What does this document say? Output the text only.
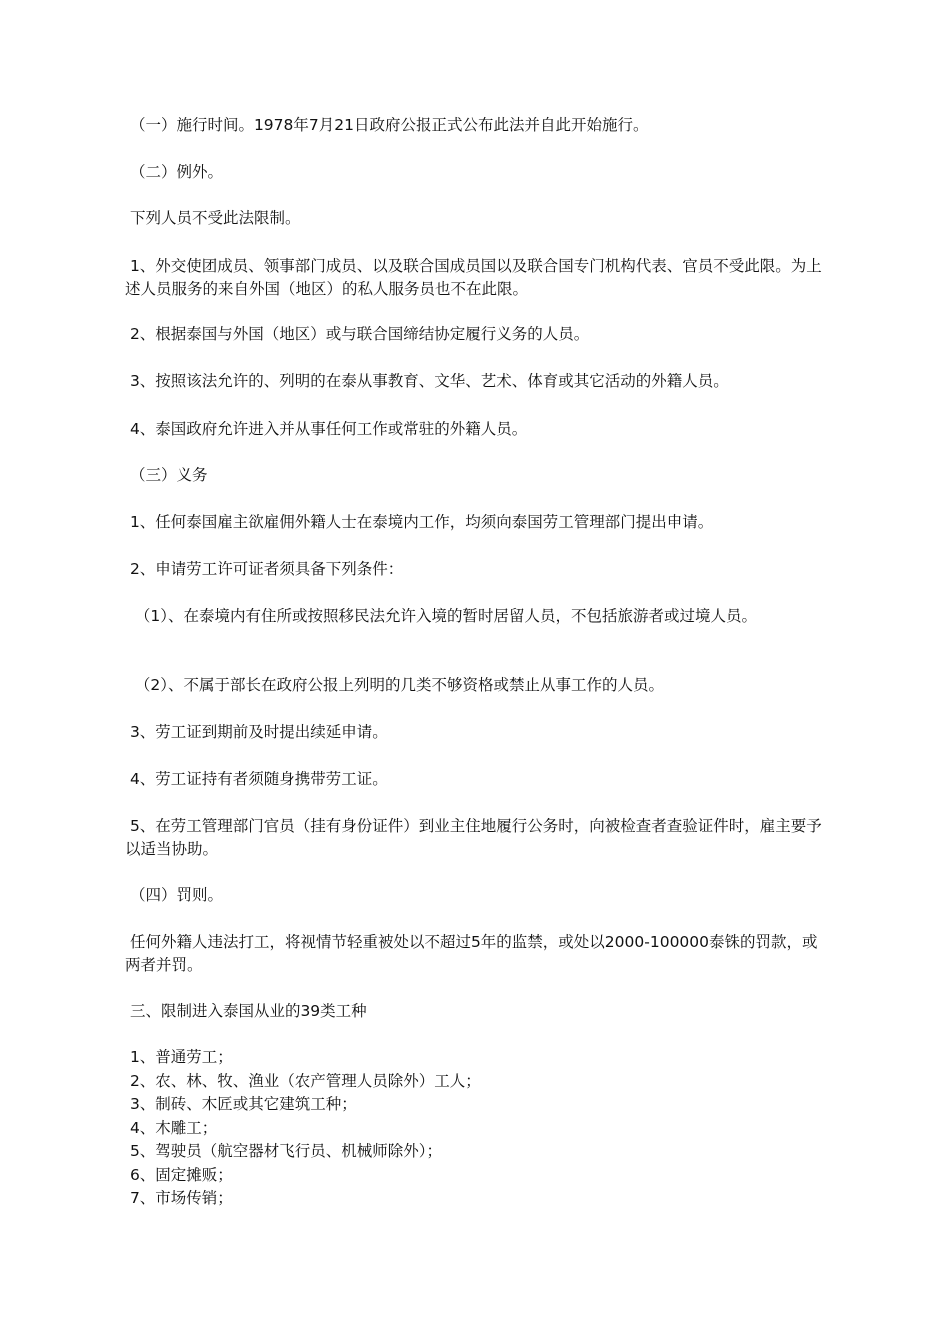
（一）施行时间。1978年7月21日政府公报正式公布此法并自此开始施行。

（二）例外。

下列人员不受此法限制。

1、外交使团成员、领事部门成员、以及联合国成员国以及联合国专门机构代表、官员不受此限。为上述人员服务的来自外国（地区）的私人服务员也不在此限。

2、根据泰国与外国（地区）或与联合国缔结协定履行义务的人员。

3、按照该法允许的、列明的在泰从事教育、文华、艺术、体育或其它活动的外籍人员。

4、泰国政府允许进入并从事任何工作或常驻的外籍人员。

（三）义务

1、任何泰国雇主欲雇佣外籍人士在泰境内工作，均须向泰国劳工管理部门提出申请。

2、申请劳工许可证者须具备下列条件：

（1）、在泰境内有住所或按照移民法允许入境的暂时居留人员，不包括旅游者或过境人员。

（2）、不属于部长在政府公报上列明的几类不够资格或禁止从事工作的人员。

3、劳工证到期前及时提出续延申请。

4、劳工证持有者须随身携带劳工证。

5、在劳工管理部门官员（挂有身份证件）到业主住地履行公务时，向被检查者查验证件时，雇主要予以适当协助。

（四）罚则。

任何外籍人违法打工，将视情节轻重被处以不超过5年的监禁，或处以2000-100000泰铢的罚款，或两者并罚。

三、限制进入泰国从业的39类工种

1、普通劳工；
2、农、林、牧、渔业（农产管理人员除外）工人；
3、制砖、木匠或其它建筑工种；
4、木雕工；
5、驾驶员（航空器材飞行员、机械师除外）；
6、固定摊贩；
7、市场传销；
